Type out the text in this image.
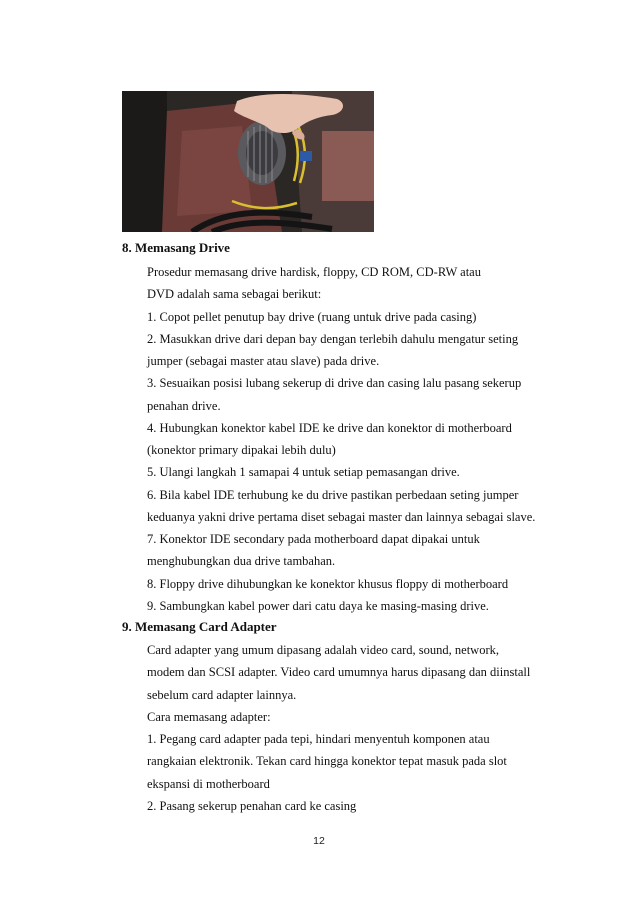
8. Memasang Drive
Prosedur memasang drive hardisk, floppy, CD ROM, CD-RW atau
DVD adalah sama sebagai berikut:
1. Copot pellet penutup bay drive (ruang untuk drive pada casing)
2. Masukkan drive dari depan bay dengan terlebih dahulu mengatur seting
jumper (sebagai master atau slave) pada drive.
3. Sesuaikan posisi lubang sekerup di drive dan casing lalu pasang sekerup
penahan drive.
4. Hubungkan konektor kabel IDE ke drive dan konektor di motherboard
(konektor primary dipakai lebih dulu)
5. Ulangi langkah 1 samapai 4 untuk setiap pemasangan drive.
6. Bila kabel IDE terhubung ke du drive pastikan perbedaan seting jumper
keduanya yakni drive pertama diset sebagai master dan lainnya sebagai slave.
7. Konektor IDE secondary pada motherboard dapat dipakai untuk
menghubungkan dua drive tambahan.
8. Floppy drive dihubungkan ke konektor khusus floppy di motherboard
9. Sambungkan kabel power dari catu daya ke masing-masing drive.
9. Memasang Card Adapter
Card adapter yang umum dipasang adalah video card, sound, network,
modem dan SCSI adapter. Video card umumnya harus dipasang dan diinstall
sebelum card adapter lainnya.
Cara memasang adapter:
1. Pegang card adapter pada tepi, hindari menyentuh komponen atau
rangkaian elektronik. Tekan card hingga konektor tepat masuk pada slot
ekspansi di motherboard
2. Pasang sekerup penahan card ke casing
12
